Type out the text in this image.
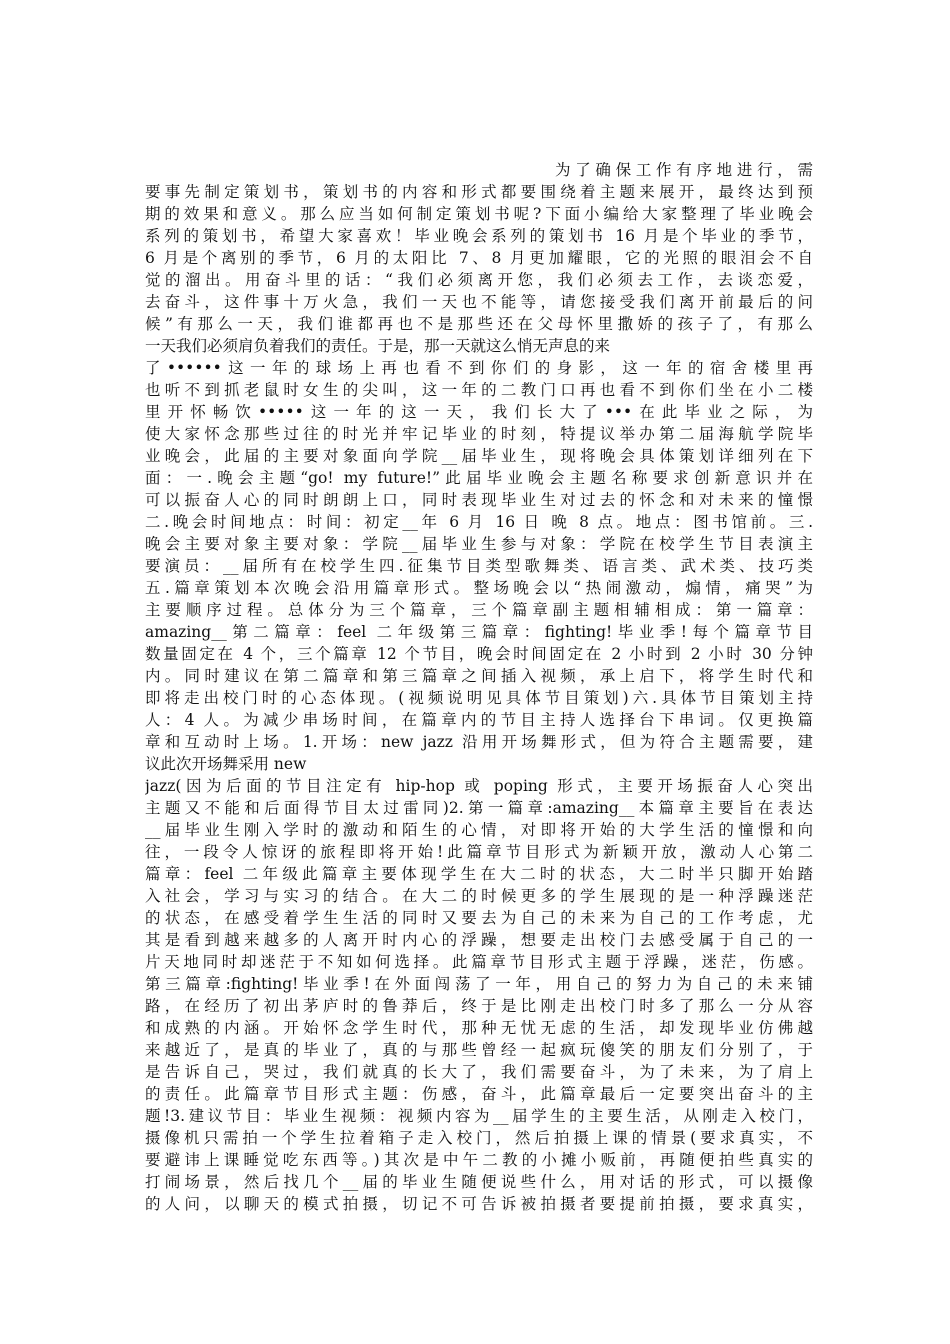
为了确保工作有序地进行，需
要事先制定策划书，策划书的内容和形式都要围绕着主题来展开，最终达到预
期的效果和意义。那么应当如何制定策划书呢?下面小编给大家整理了毕业晚会
系列的策划书，希望大家喜欢！毕业晚会系列的策划书 16 月是个毕业的季节，
6 月是个离别的季节，6 月的太阳比 7、8 月更加耀眼，它的光照的眼泪会不自
觉的溜出。用奋斗里的话：“我们必须离开您，我们必须去工作，去谈恋爱，
去奋斗，这件事十万火急，我们一天也不能等，请您接受我们离开前最后的问
候”有那么一天，我们谁都再也不是那些还在父母怀里撒娇的孩子了，有那么
一天我们必须肩负着我们的责任。于是，那一天就这么悄无声息的来
了••••••这一年的球场上再也看不到你们的身影，这一年的宿舍楼里再
也听不到抓老鼠时女生的尖叫，这一年的二教门口再也看不到你们坐在小二楼
里开怀畅饮•••••这一年的这一天，我们长大了•••在此毕业之际，为
使大家怀念那些过往的时光并牢记毕业的时刻，特提议举办第二届海航学院毕
业晚会，此届的主要对象面向学院__届毕业生，现将晚会具体策划详细列在下
面：一.晚会主题“go! my future!”此届毕业晚会主题名称要求创新意识并在
可以振奋人心的同时朗朗上口，同时表现毕业生对过去的怀念和对未来的憧憬
二.晚会时间地点：时间：初定__年 6 月 16 日 晚 8 点。地点：图书馆前。三.
晚会主要对象主要对象：学院__届毕业生参与对象：学院在校学生节目表演主
要演员：__届所有在校学生四.征集节目类型歌舞类、语言类、武术类、技巧类
五.篇章策划本次晚会沿用篇章形式。整场晚会以“热闹激动，煽情，痛哭”为
主要顺序过程。总体分为三个篇章，三个篇章副主题相辅相成：第一篇章：
amazing__第二篇章：feel 二年级第三篇章：fighting!毕业季!每个篇章节目
数量固定在 4 个，三个篇章 12 个节目，晚会时间固定在 2 小时到 2 小时 30 分钟
内。同时建议在第二篇章和第三篇章之间插入视频，承上启下，将学生时代和
即将走出校门时的心态体现。(视频说明见具体节目策划)六.具体节目策划主持
人：4 人。为减少串场时间，在篇章内的节目主持人选择台下串词。仅更换篇
章和互动时上场。1.开场：new jazz 沿用开场舞形式，但为符合主题需要，建
议此次开场舞采用 new
jazz(因为后面的节目注定有 hip-hop 或 poping 形式，主要开场振奋人心突出
主题又不能和后面得节目太过雷同)2.第一篇章:amazing__本篇章主要旨在表达
__届毕业生刚入学时的激动和陌生的心情，对即将开始的大学生活的憧憬和向
往，一段令人惊讶的旅程即将开始!此篇章节目形式为新颖开放，激动人心第二
篇章：feel 二年级此篇章主要体现学生在大二时的状态，大二时半只脚开始踏
入社会，学习与实习的结合。在大二的时候更多的学生展现的是一种浮躁迷茫
的状态，在感受着学生生活的同时又要去为自己的未来为自己的工作考虑，尤
其是看到越来越多的人离开时内心的浮躁，想要走出校门去感受属于自己的一
片天地同时却迷茫于不知如何选择。此篇章节目形式主题于浮躁，迷茫，伤感。
第三篇章:fighting!毕业季!在外面闯荡了一年，用自己的努力为自己的未来铺
路，在经历了初出茅庐时的鲁莽后，终于是比刚走出校门时多了那么一分从容
和成熟的内涵。开始怀念学生时代，那种无忧无虑的生活，却发现毕业仿佛越
来越近了，是真的毕业了，真的与那些曾经一起疯玩傻笑的朋友们分别了，于
是告诉自己，哭过，我们就真的长大了，我们需要奋斗，为了未来，为了肩上
的责任。此篇章节目形式主题：伤感，奋斗，此篇章最后一定要突出奋斗的主
题!3.建议节目：毕业生视频：视频内容为__届学生的主要生活，从刚走入校门，
摄像机只需拍一个学生拉着箱子走入校门，然后拍摄上课的情景(要求真实，不
要避讳上课睡觉吃东西等。)其次是中午二教的小摊小贩前，再随便拍些真实的
打闹场景，然后找几个__届的毕业生随便说些什么，用对话的形式，可以摄像
的人问，以聊天的模式拍摄，切记不可告诉被拍摄者要提前拍摄，要求真实，
